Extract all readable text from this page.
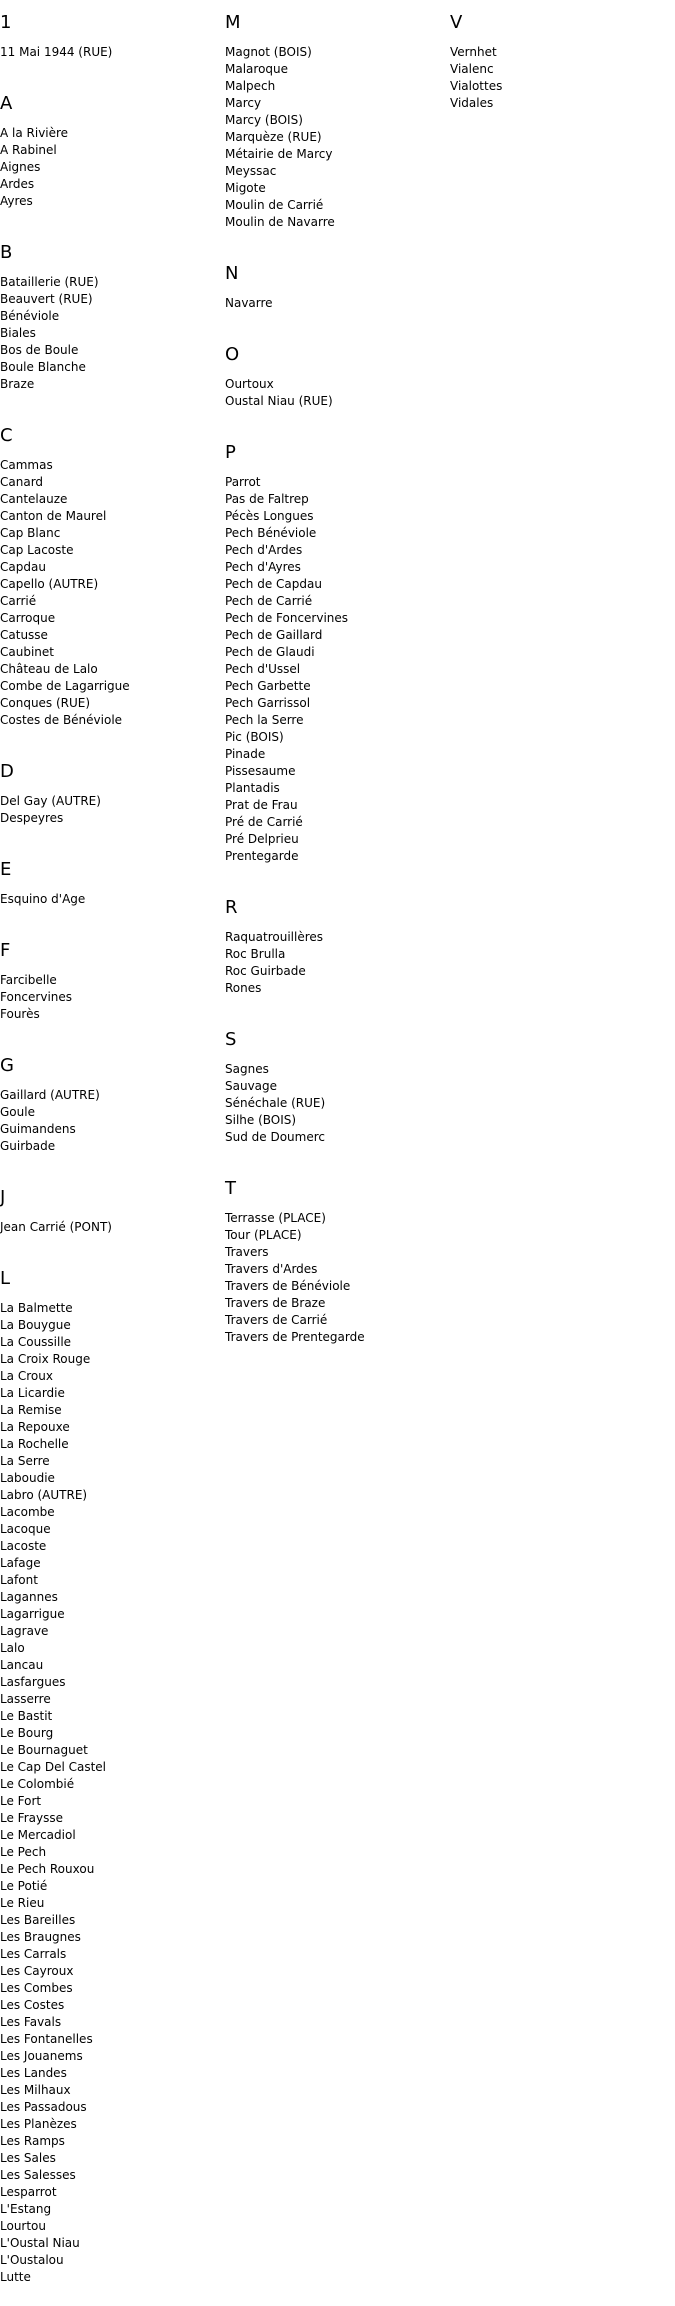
1
11 Mai 1944 (RUE)
A
A la Rivière
A Rabinel
Aignes
Ardes
Ayres
B
Bataillerie (RUE)
Beauvert (RUE)
Bénéviole
Biales
Bos de Boule
Boule Blanche
Braze
C
Cammas
Canard
Cantelauze
Canton de Maurel
Cap Blanc
Cap Lacoste
Capdau
Capello (AUTRE)
Carrié
Carroque
Catusse
Caubinet
Château de Lalo
Combe de Lagarrigue
Conques (RUE)
Costes de Bénéviole
D
Del Gay (AUTRE)
Despeyres
E
Esquino d'Age
F
Farcibelle
Foncervines
Fourès
G
Gaillard (AUTRE)
Goule
Guimandens
Guirbade
J
Jean Carrié (PONT)
L
La Balmette
La Bouygue
La Coussille
La Croix Rouge
La Croux
La Licardie
La Remise
La Repouxe
La Rochelle
La Serre
Laboudie
Labro (AUTRE)
Lacombe
Lacoque
Lacoste
Lafage
Lafont
Lagannes
Lagarrigue
Lagrave
Lalo
Lancau
Lasfargues
Lasserre
Le Bastit
Le Bourg
Le Bournaguet
Le Cap Del Castel
Le Colombié
Le Fort
Le Fraysse
Le Mercadiol
Le Pech
Le Pech Rouxou
Le Potié
Le Rieu
Les Bareilles
Les Braugnes
Les Carrals
Les Cayroux
Les Combes
Les Costes
Les Favals
Les Fontanelles
Les Jouanems
Les Landes
Les Milhaux
Les Passadous
Les Planèzes
Les Ramps
Les Sales
Les Salesses
Lesparrot
L'Estang
Lourtou
L'Oustal Niau
L'Oustalou
Lutte
M
Magnot (BOIS)
Malaroque
Malpech
Marcy
Marcy (BOIS)
Marquèze (RUE)
Métairie de Marcy
Meyssac
Migote
Moulin de Carrié
Moulin de Navarre
N
Navarre
O
Ourtoux
Oustal Niau (RUE)
P
Parrot
Pas de Faltrep
Pécès Longues
Pech Bénéviole
Pech d'Ardes
Pech d'Ayres
Pech de Capdau
Pech de Carrié
Pech de Foncervines
Pech de Gaillard
Pech de Glaudi
Pech d'Ussel
Pech Garbette
Pech Garrissol
Pech la Serre
Pic (BOIS)
Pinade
Pissesaume
Plantadis
Prat de Frau
Pré de Carrié
Pré Delprieu
Prentegarde
R
Raquatrouillères
Roc Brulla
Roc Guirbade
Rones
S
Sagnes
Sauvage
Sénéchale (RUE)
Silhe (BOIS)
Sud de Doumerc
T
Terrasse (PLACE)
Tour (PLACE)
Travers
Travers d'Ardes
Travers de Bénéviole
Travers de Braze
Travers de Carrié
Travers de Prentegarde
V
Vernhet
Vialenc
Vialottes
Vidales
